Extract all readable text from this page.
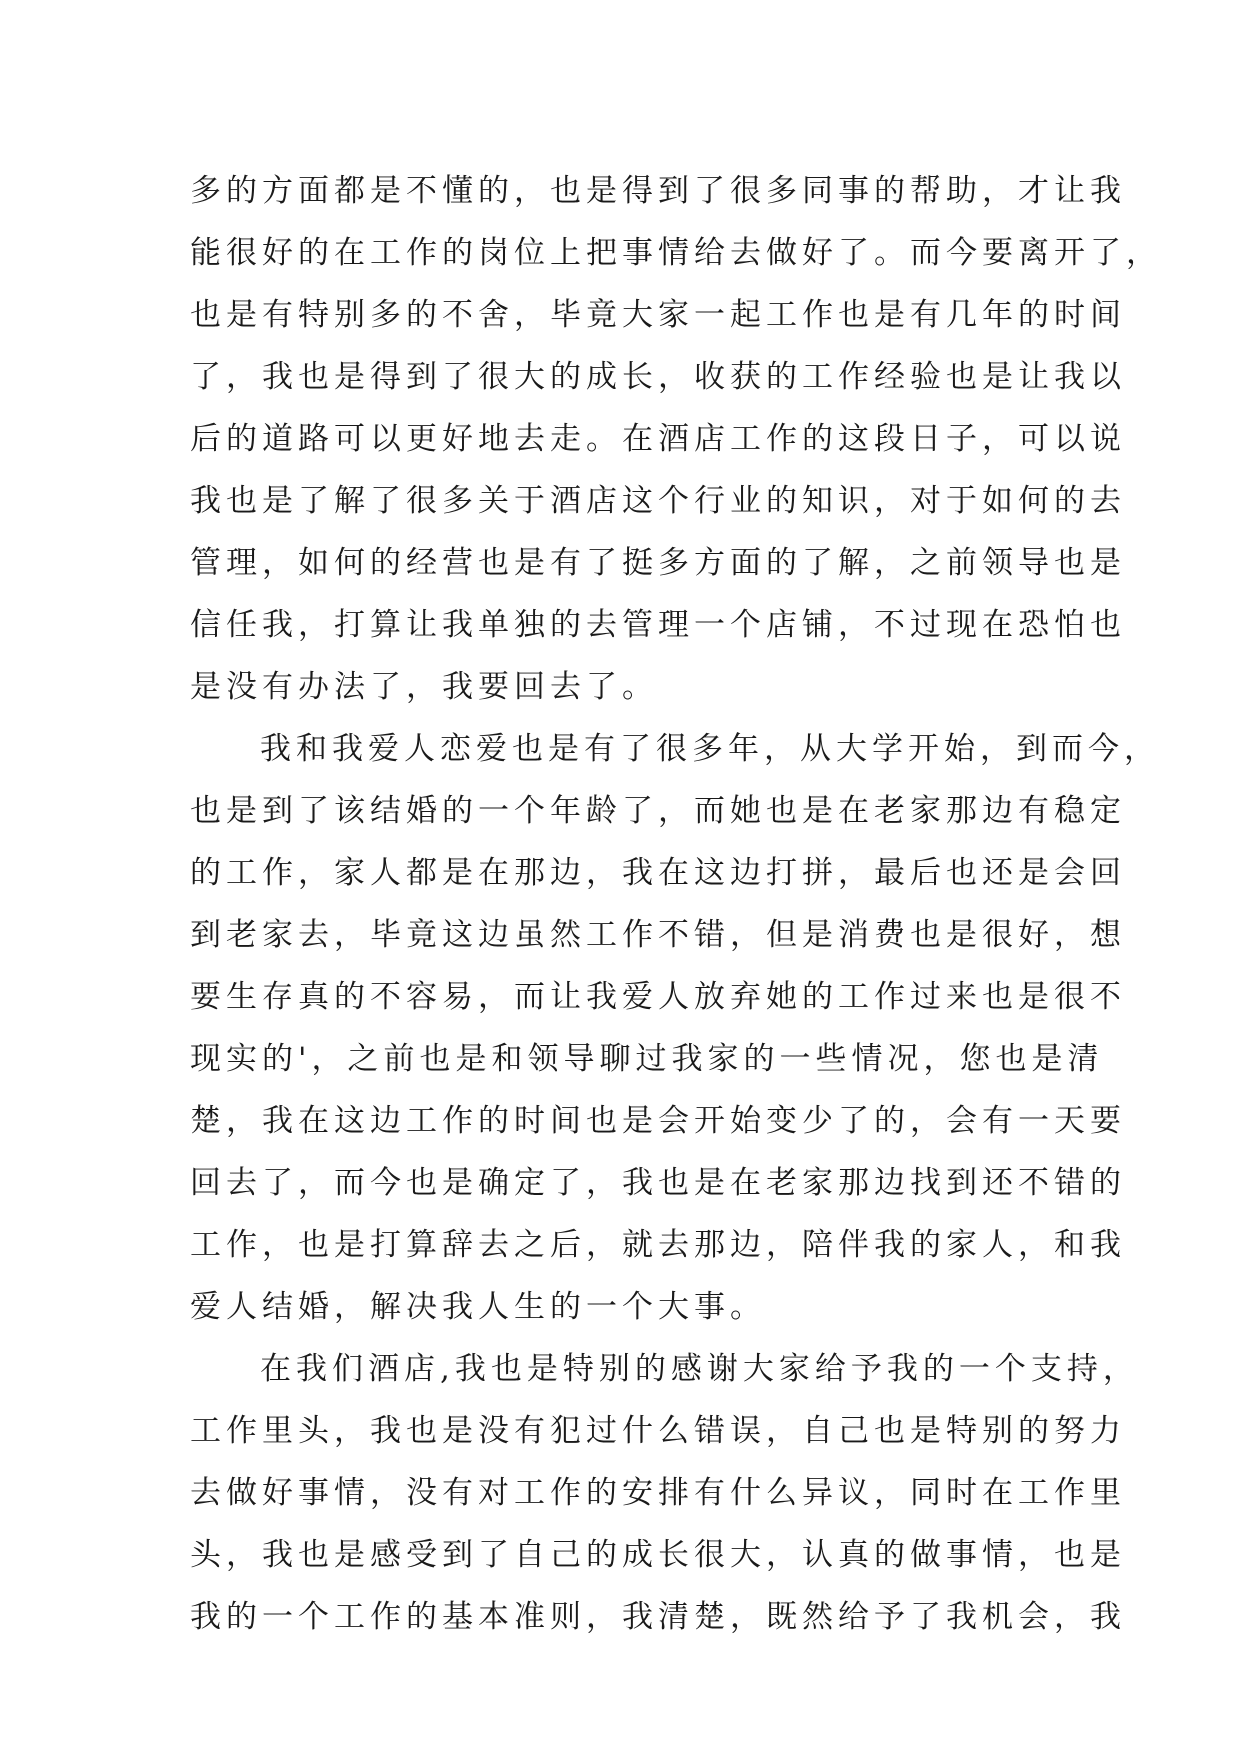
多的方面都是不懂的，也是得到了很多同事的帮助，才让我
能很好的在工作的岗位上把事情给去做好了。而今要离开了，
也是有特别多的不舍，毕竟大家一起工作也是有几年的时间
了，我也是得到了很大的成长，收获的工作经验也是让我以
后的道路可以更好地去走。在酒店工作的这段日子，可以说
我也是了解了很多关于酒店这个行业的知识，对于如何的去
管理，如何的经营也是有了挺多方面的了解，之前领导也是
信任我，打算让我单独的去管理一个店铺，不过现在恐怕也
是没有办法了，我要回去了。
我和我爱人恋爱也是有了很多年，从大学开始，到而今，
也是到了该结婚的一个年龄了，而她也是在老家那边有稳定
的工作，家人都是在那边，我在这边打拼，最后也还是会回
到老家去，毕竟这边虽然工作不错，但是消费也是很好，想
要生存真的不容易，而让我爱人放弃她的工作过来也是很不
现实的'，之前也是和领导聊过我家的一些情况，您也是清
楚，我在这边工作的时间也是会开始变少了的，会有一天要
回去了，而今也是确定了，我也是在老家那边找到还不错的
工作，也是打算辞去之后，就去那边，陪伴我的家人，和我
爱人结婚，解决我人生的一个大事。
在我们酒店,我也是特别的感谢大家给予我的一个支持，
工作里头，我也是没有犯过什么错误，自己也是特别的努力
去做好事情，没有对工作的安排有什么异议，同时在工作里
头，我也是感受到了自己的成长很大，认真的做事情，也是
我的一个工作的基本准则，我清楚，既然给予了我机会，我
